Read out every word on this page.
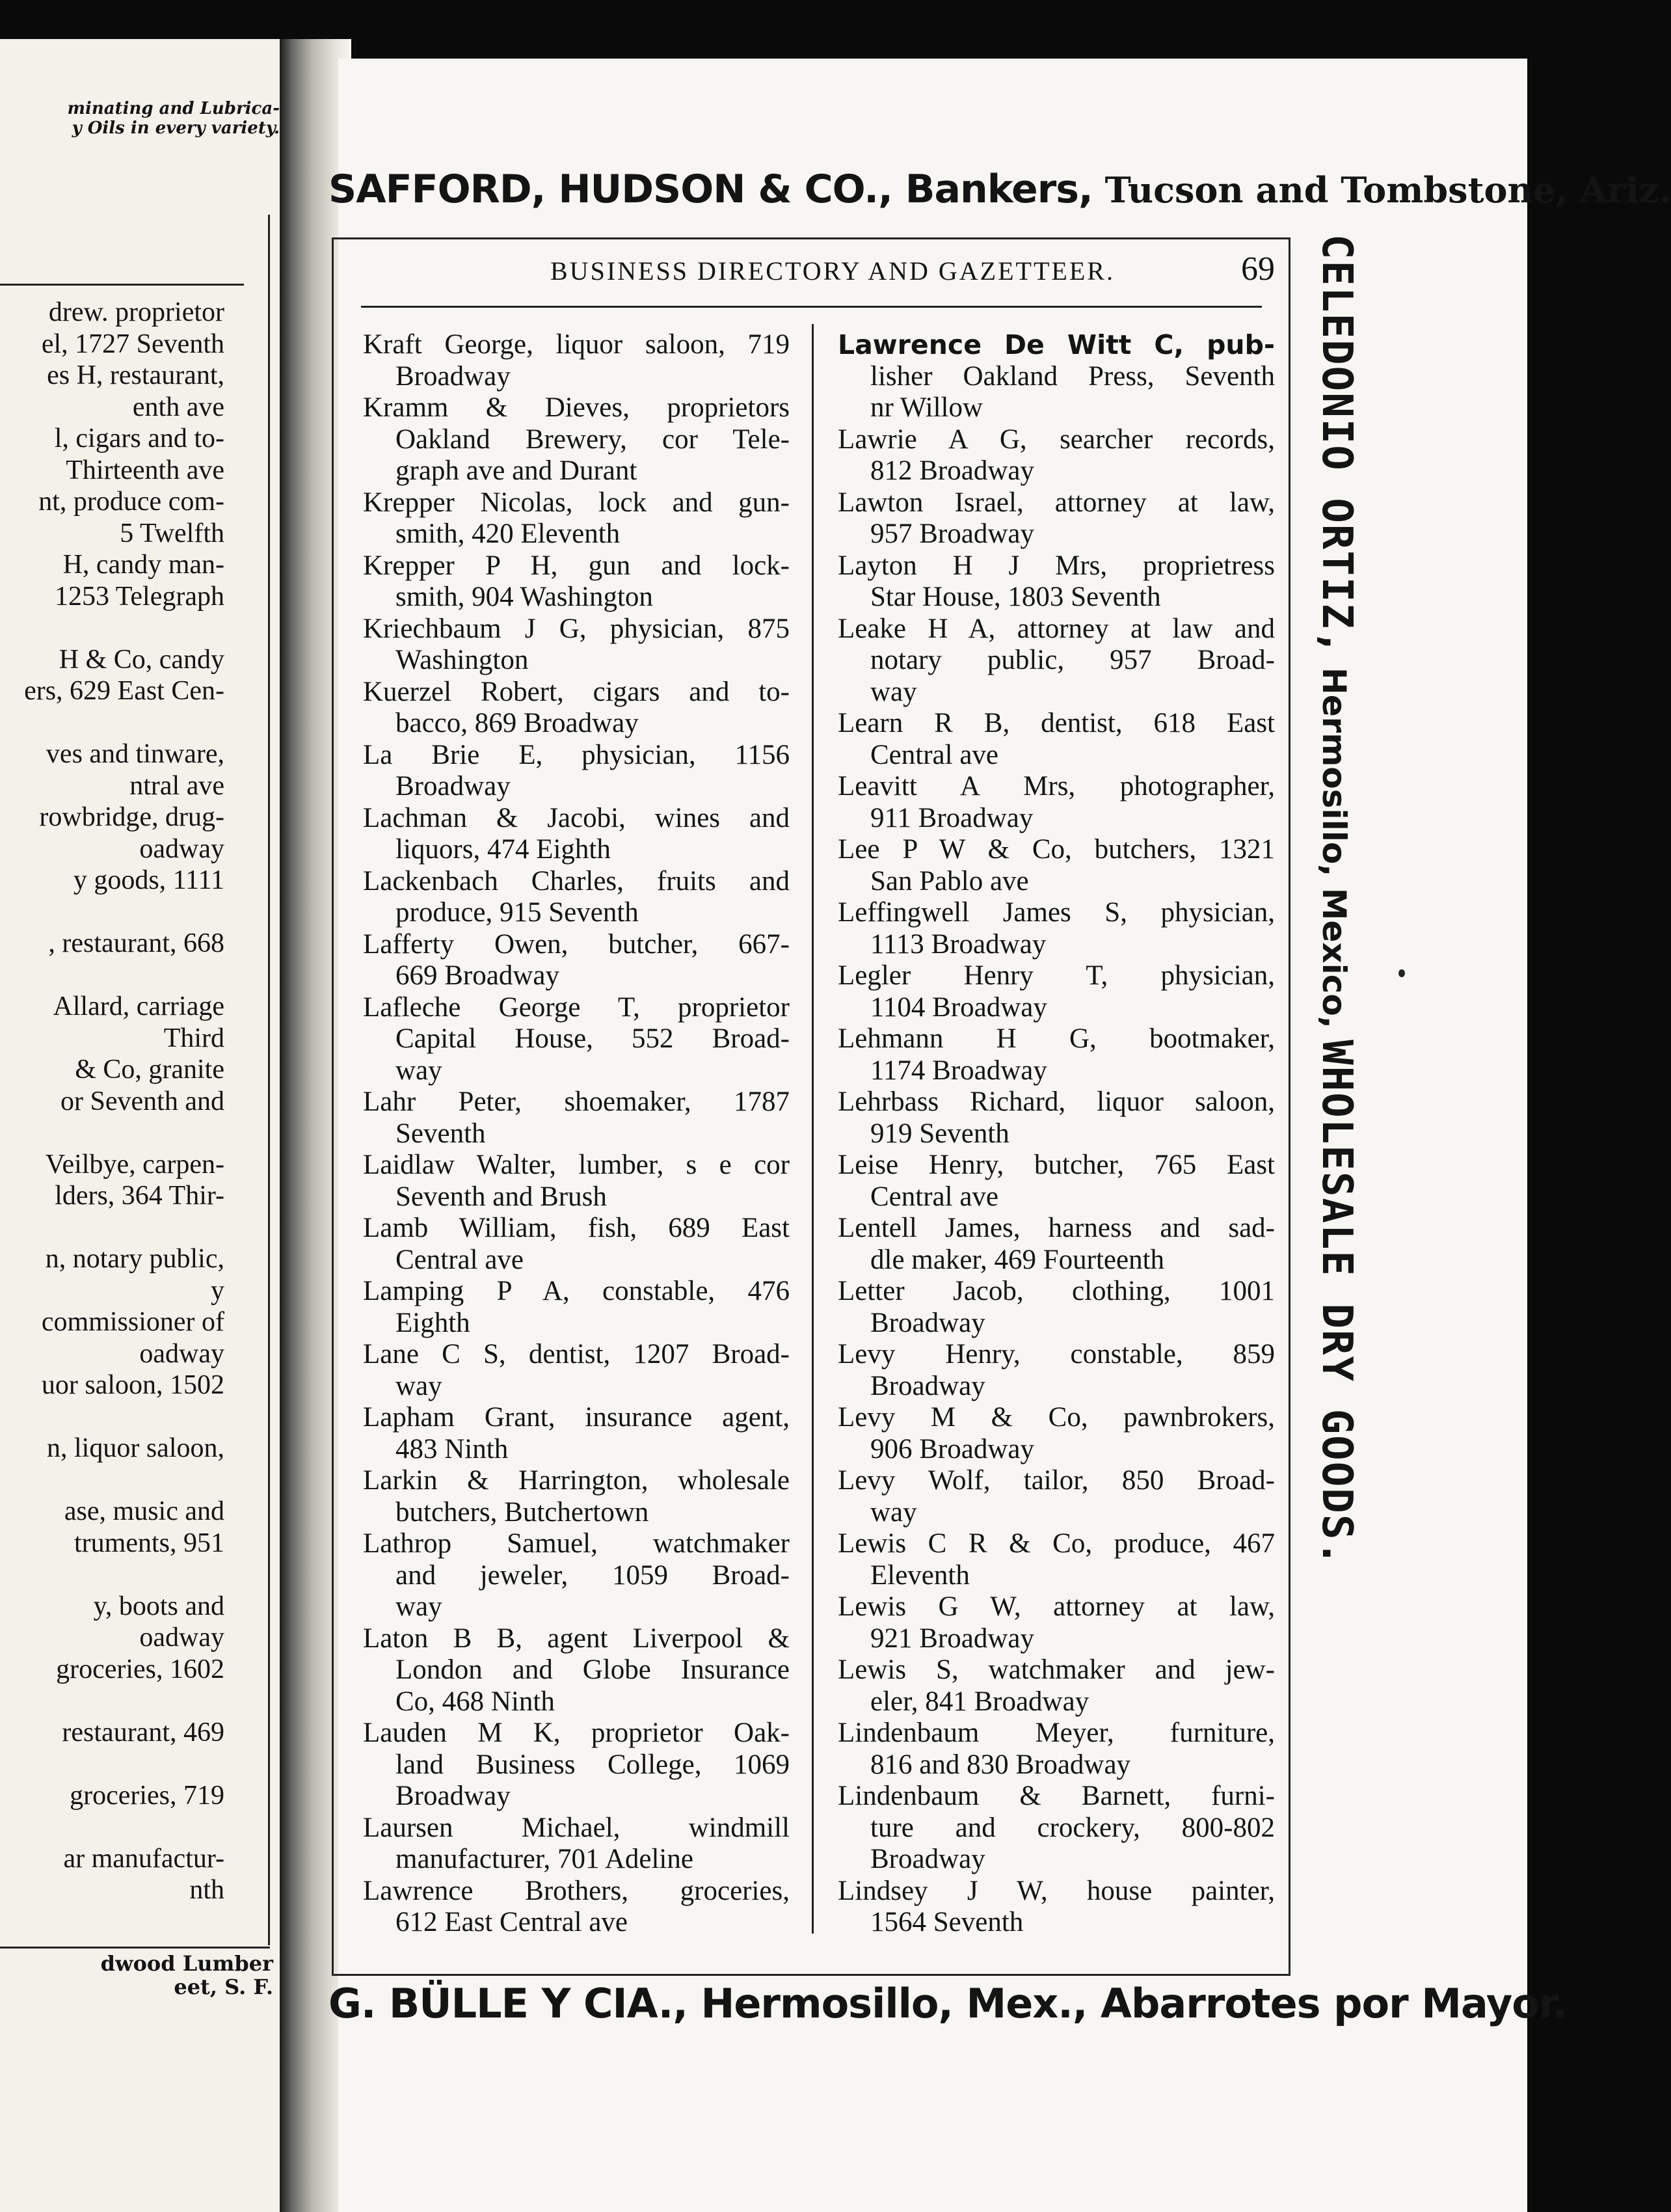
minating and Lubrica-
y Oils in every variety.
drew. proprietor
el, 1727 Seventh
es H, restaurant,
enth ave
l, cigars and to-
Thirteenth ave
nt, produce com-
5 Twelfth
H, candy man-
1253 Telegraph
H & Co, candy
ers, 629 East Cen-
ves and tinware,
ntral ave
rowbridge, drug-
oadway
y goods, 1111
, restaurant, 668
Allard, carriage
Third
& Co, granite
or Seventh and
Veilbye, carpen-
lders, 364 Thir-
n, notary public,
y
commissioner of
oadway
uor saloon, 1502
n, liquor saloon,
ase, music and
truments, 951
y, boots and
oadway
groceries, 1602
restaurant, 469
groceries, 719
ar manufactur-
nth
dwood Lumber
eet, S. F.
SAFFORD, HUDSON & CO., Bankers, Tucson and Tombstone, Ariz.
BUSINESS DIRECTORY AND GAZETTEER.	69
Kraft George, liquor saloon, 719
Broadway
Kramm & Dieves, proprietors
Oakland Brewery, cor Tele-
graph ave and Durant
Krepper Nicolas, lock and gun-
smith, 420 Eleventh
Krepper P H, gun and lock-
smith, 904 Washington
Kriechbaum J G, physician, 875
Washington
Kuerzel Robert, cigars and to-
bacco, 869 Broadway
La Brie E, physician, 1156
Broadway
Lachman & Jacobi, wines and
liquors, 474 Eighth
Lackenbach Charles, fruits and
produce, 915 Seventh
Lafferty Owen, butcher, 667-
669 Broadway
Lafleche George T, proprietor
Capital House, 552 Broad-
way
Lahr Peter, shoemaker, 1787
Seventh
Laidlaw Walter, lumber, s e cor
Seventh and Brush
Lamb William, fish, 689 East
Central ave
Lamping P A, constable, 476
Eighth
Lane C S, dentist, 1207 Broad-
way
Lapham Grant, insurance agent,
483 Ninth
Larkin & Harrington, wholesale
butchers, Butchertown
Lathrop Samuel, watchmaker
and jeweler, 1059 Broad-
way
Laton B B, agent Liverpool &
London and Globe Insurance
Co, 468 Ninth
Lauden M K, proprietor Oak-
land Business College, 1069
Broadway
Laursen Michael, windmill
manufacturer, 701 Adeline
Lawrence Brothers, groceries,
612 East Central ave
Lawrence De Witt C, pub-
lisher Oakland Press, Seventh
nr Willow
Lawrie A G, searcher records,
812 Broadway
Lawton Israel, attorney at law,
957 Broadway
Layton H J Mrs, proprietress
Star House, 1803 Seventh
Leake H A, attorney at law and
notary public, 957 Broad-
way
Learn R B, dentist, 618 East
Central ave
Leavitt A Mrs, photographer,
911 Broadway
Lee P W & Co, butchers, 1321
San Pablo ave
Leffingwell James S, physician,
1113 Broadway
Legler Henry T, physician,
1104 Broadway
Lehmann H G, bootmaker,
1174 Broadway
Lehrbass Richard, liquor saloon,
919 Seventh
Leise Henry, butcher, 765 East
Central ave
Lentell James, harness and sad-
dle maker, 469 Fourteenth
Letter Jacob, clothing, 1001
Broadway
Levy Henry, constable, 859
Broadway
Levy M & Co, pawnbrokers,
906 Broadway
Levy Wolf, tailor, 850 Broad-
way
Lewis C R & Co, produce, 467
Eleventh
Lewis G W, attorney at law,
921 Broadway
Lewis S, watchmaker and jew-
eler, 841 Broadway
Lindenbaum Meyer, furniture,
816 and 830 Broadway
Lindenbaum & Barnett, furni-
ture and crockery, 800-802
Broadway
Lindsey J W, house painter,
1564 Seventh
G. BÜLLE Y CIA., Hermosillo, Mex., Abarrotes por Mayor.
CELEDONIO ORTIZ, Hermosillo, Mexico, WHOLESALE DRY GOODS.
